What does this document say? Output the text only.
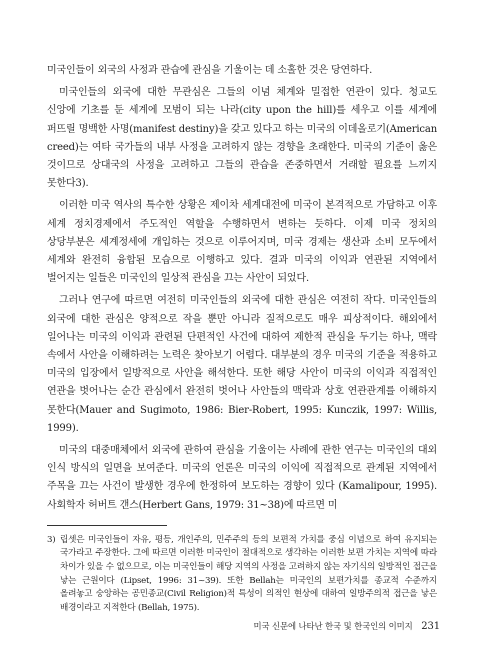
미국인들이 외국의 사정과 관습에 관심을 기울이는 데 소홀한 것은 당연하다.

미국인들의 외국에 대한 무관심은 그들의 이념 체계와 밀접한 연관이 있다. 청교도 신앙에 기초를 둔 세계에 모범이 되는 나라(city upon the hill)를 세우고 이를 세계에 퍼뜨릴 명백한 사명(manifest destiny)을 갖고 있다고 하는 미국의 이데올로기(American creed)는 여타 국가들의 내부 사정을 고려하지 않는 경향을 초래한다. 미국의 기준이 옳은 것이므로 상대국의 사정을 고려하고 그들의 관습을 존중하면서 거래할 필요를 느끼지 못한다3).

이러한 미국 역사의 특수한 상황은 제이차 세계대전에 미국이 본격적으로 가담하고 이후 세계 정치경제에서 주도적인 역할을 수행하면서 변하는 듯하다. 이제 미국 정치의 상당부분은 세계정세에 개입하는 것으로 이루어지며, 미국 경제는 생산과 소비 모두에서 세계와 완전히 융합된 모습으로 이행하고 있다. 결과 미국의 이익과 연관된 지역에서 벌어지는 일들은 미국인의 일상적 관심을 끄는 사안이 되었다.

그러나 연구에 따르면 여전히 미국인들의 외국에 대한 관심은 여전히 작다. 미국인들의 외국에 대한 관심은 양적으로 작을 뿐만 아니라 질적으로도 매우 피상적이다. 해외에서 일어나는 미국의 이익과 관련된 단편적인 사건에 대하여 제한적 관심을 두기는 하나, 맥락 속에서 사안을 이해하려는 노력은 찾아보기 어렵다. 대부분의 경우 미국의 기준을 적용하고 미국의 입장에서 일방적으로 사안을 해석한다. 또한 해당 사안이 미국의 이익과 직접적인 연관을 벗어나는 순간 관심에서 완전히 벗어나 사안들의 맥락과 상호 연관관계를 이해하지 못한다(Mauer and Sugimoto, 1986: Bier-Robert, 1995: Kunczik, 1997: Willis, 1999).

미국의 대중매체에서 외국에 관하여 관심을 기울이는 사례에 관한 연구는 미국인의 대외 인식 방식의 일면을 보여준다. 미국의 언론은 미국의 이익에 직접적으로 관계된 지역에서 주목을 끄는 사건이 발생한 경우에 한정하여 보도하는 경향이 있다 (Kamalipour, 1995). 사회학자 허버트 갠스(Herbert Gans, 1979: 31~38)에 따르면 미

3) 립셋은 미국인들이 자유, 평등, 개인주의, 민주주의 등의 보편적 가치를 중심 이념으로 하여 유지되는 국가라고 주장한다. 그에 따르면 이러한 미국인이 절대적으로 생각하는 이러한 보편 가치는 지역에 따라 차이가 있을 수 없으므로, 이는 미국인들이 해당 지역의 사정을 고려하지 않는 자기식의 일방적인 접근을 낳는 근원이다 (Lipset, 1996: 31~39). 또한 Bellah는 미국인의 보편가치를 종교적 수준까지 올려놓고 숭앙하는 공민종교(Civil Religion)적 특성이 의적인 현상에 대하여 일방주의적 접근을 낳은 배경이라고 지적한다 (Bellah, 1975).
미국 신문에 나타난 한국 및 한국인의 이미지 231
